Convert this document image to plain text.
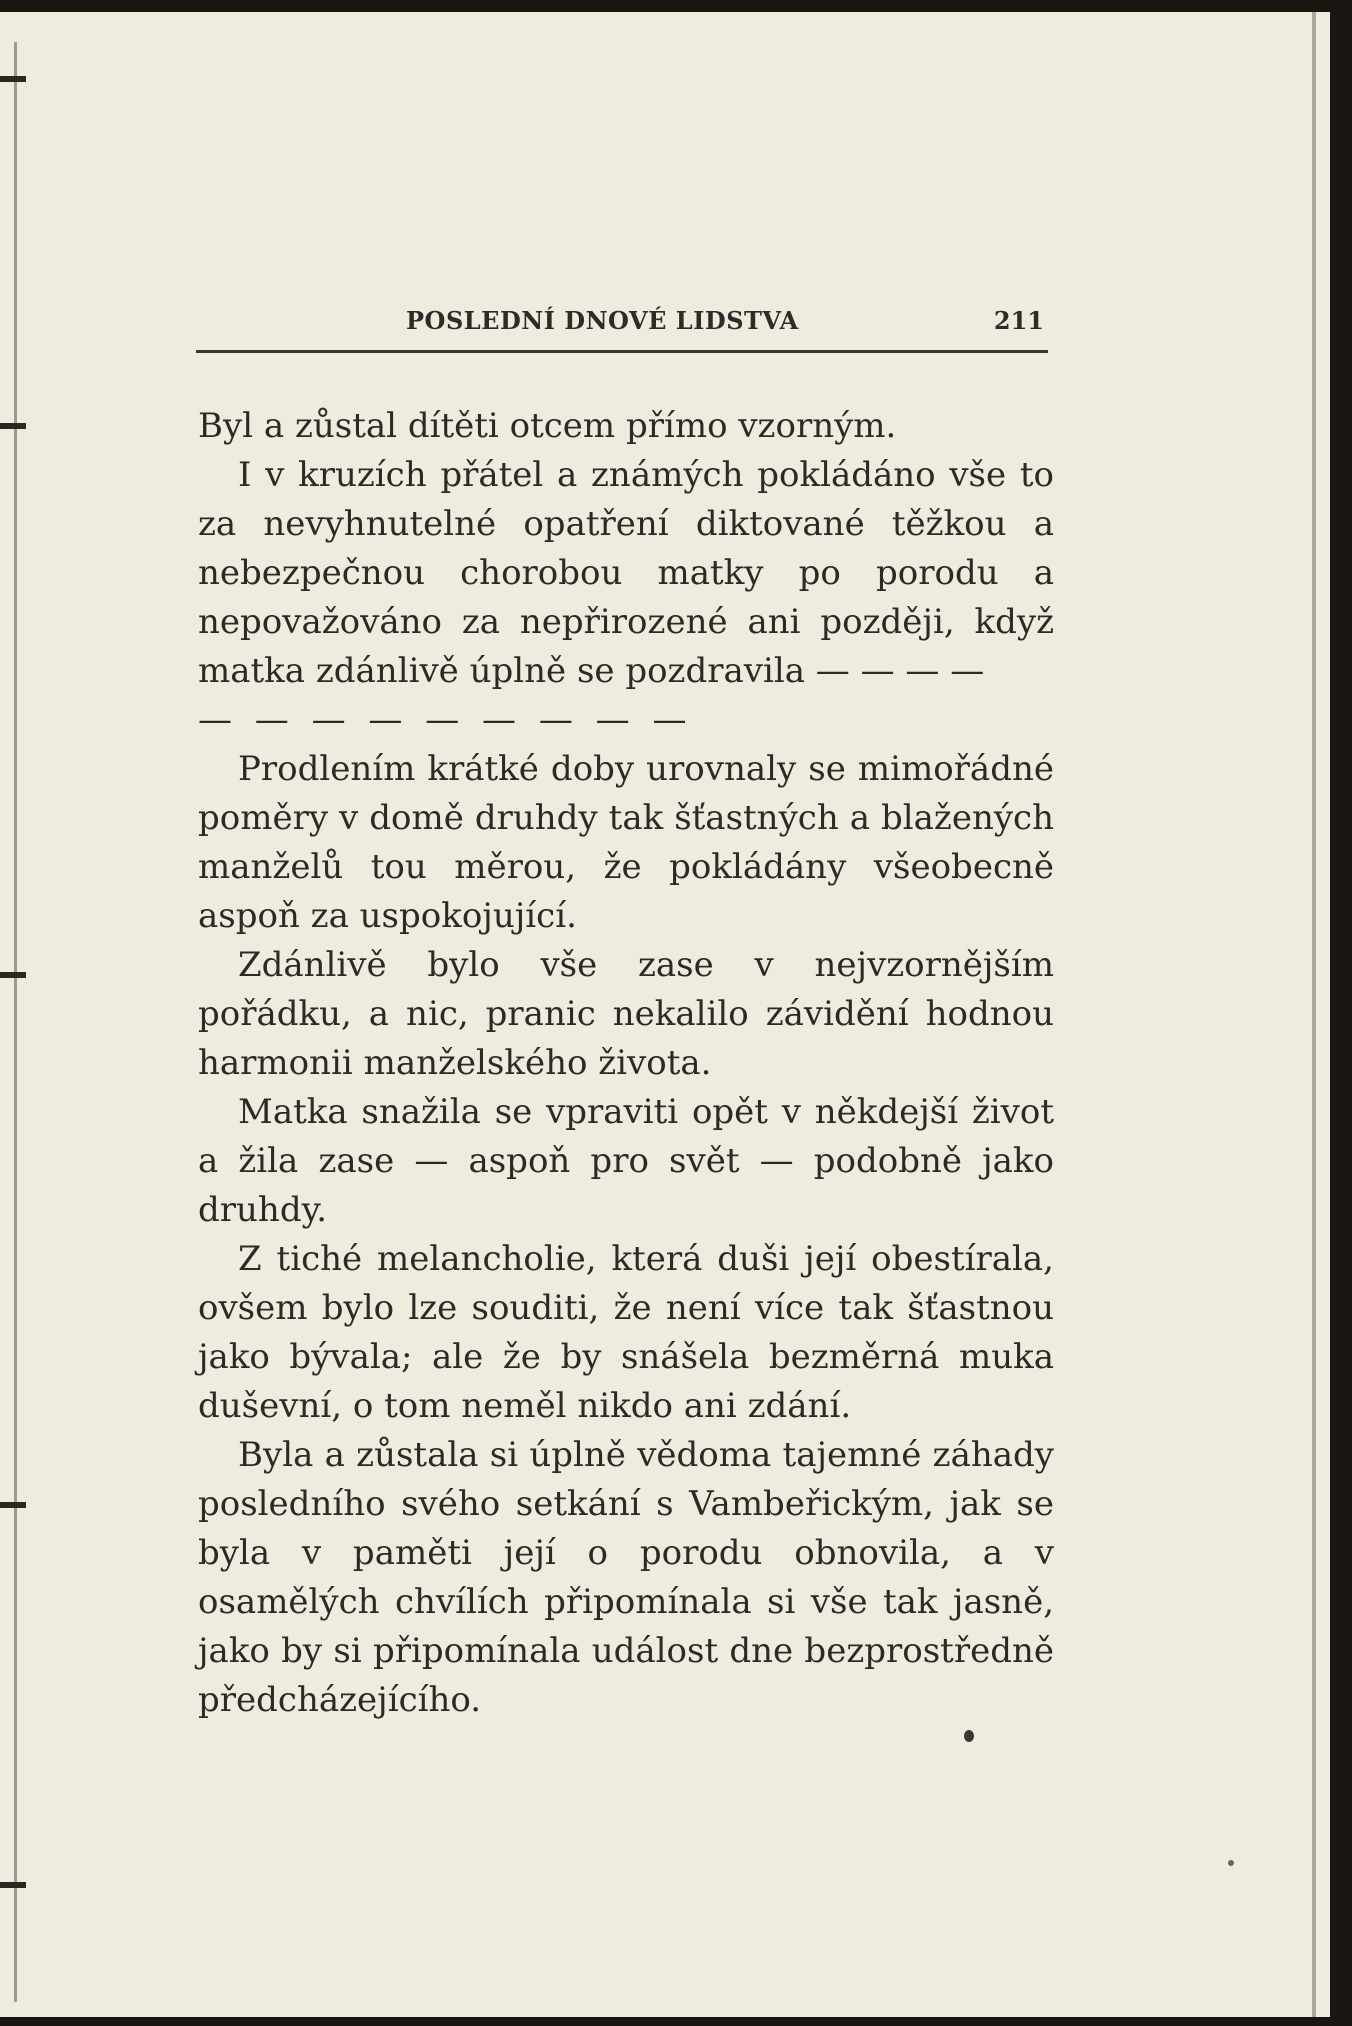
POSLEDNÍ DNOVÉ LIDSTVA	211

Byl a zůstal dítěti otcem přímo vzorným.

I v kruzích přátel a známých pokládáno vše to za nevyhnutelné opatření diktované těžkou a nebezpečnou chorobou matky po porodu a nepovažováno za nepřirozené ani později, když matka zdánlivě úplně se pozdravila — — — —

— — — — — — — — —

Prodlením krátké doby urovnaly se mimořádné poměry v domě druhdy tak šťastných a blažených manželů tou měrou, že pokládány všeobecně aspoň za uspokojující.

Zdánlivě bylo vše zase v nejvzornějším pořádku, a nic, pranic nekalilo závidění hodnou harmonii manželského života.

Matka snažila se vpraviti opět v někdejší život a žila zase — aspoň pro svět — podobně jako druhdy.

Z tiché melancholie, která duši její obestírala, ovšem bylo lze souditi, že není více tak šťastnou jako bývala; ale že by snášela bezměrná muka duševní, o tom neměl nikdo ani zdání.

Byla a zůstala si úplně vědoma tajemné záhady posledního svého setkání s Vambeřickým, jak se byla v paměti její o porodu obnovila, a v osamělých chvílích připomínala si vše tak jasně, jako by si připomínala událost dne bezprostředně předcházejícího.
